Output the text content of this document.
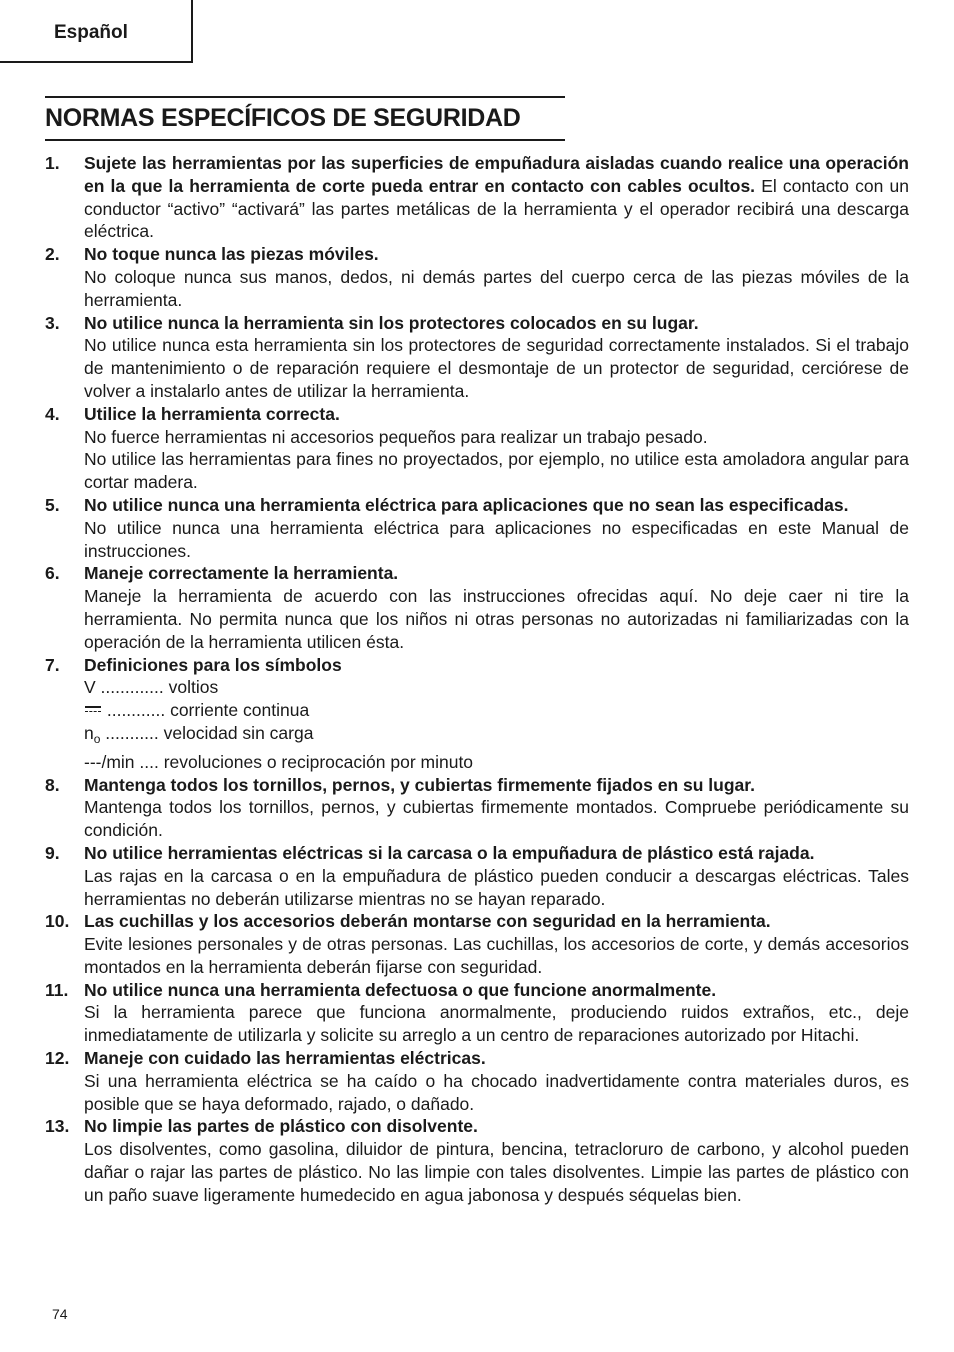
Español
NORMAS ESPECÍFICOS DE SEGURIDAD
1. Sujete las herramientas por las superficies de empuñadura aisladas cuando realice una operación en la que la herramienta de corte pueda entrar en contacto con cables ocultos. El contacto con un conductor “activo” “activará” las partes metálicas de la herramienta y el operador recibirá una descarga eléctrica.
2. No toque nunca las piezas móviles.
No coloque nunca sus manos, dedos, ni demás partes del cuerpo cerca de las piezas móviles de la herramienta.
3. No utilice nunca la herramienta sin los protectores colocados en su lugar.
No utilice nunca esta herramienta sin los protectores de seguridad correctamente instalados. Si el trabajo de mantenimiento o de reparación requiere el desmontaje de un protector de seguridad, cerciórese de volver a instalarlo antes de utilizar la herramienta.
4. Utilice la herramienta correcta.
No fuerce herramientas ni accesorios pequeños para realizar un trabajo pesado.
No utilice las herramientas para fines no proyectados, por ejemplo, no utilice esta amoladora angular para cortar madera.
5. No utilice nunca una herramienta eléctrica para aplicaciones que no sean las especificadas.
No utilice nunca una herramienta eléctrica para aplicaciones no especificadas en este Manual de instrucciones.
6. Maneje correctamente la herramienta.
Maneje la herramienta de acuerdo con las instrucciones ofrecidas aquí. No deje caer ni tire la herramienta. No permita nunca que los niños ni otras personas no autorizadas ni familiarizadas con la operación de la herramienta utilicen ésta.
7. Definiciones para los símbolos
V ............. voltios
............ corriente continua
$n_o$ ........... velocidad sin carga
---/min .... revoluciones o reciprocación por minuto
8. Mantenga todos los tornillos, pernos, y cubiertas firmemente fijados en su lugar.
Mantenga todos los tornillos, pernos, y cubiertas firmemente montados. Compruebe periódicamente su condición.
9. No utilice herramientas eléctricas si la carcasa o la empuñadura de plástico está rajada.
Las rajas en la carcasa o en la empuñadura de plástico pueden conducir a descargas eléctricas. Tales herramientas no deberán utilizarse mientras no se hayan reparado.
10. Las cuchillas y los accesorios deberán montarse con seguridad en la herramienta.
Evite lesiones personales y de otras personas. Las cuchillas, los accesorios de corte, y demás accesorios montados en la herramienta deberán fijarse con seguridad.
11. No utilice nunca una herramienta defectuosa o que funcione anormalmente.
Si la herramienta parece que funciona anormalmente, produciendo ruidos extraños, etc., deje inmediatamente de utilizarla y solicite su arreglo a un centro de reparaciones autorizado por Hitachi.
12. Maneje con cuidado las herramientas eléctricas.
Si una herramienta eléctrica se ha caído o ha chocado inadvertidamente contra materiales duros, es posible que se haya deformado, rajado, o dañado.
13. No limpie las partes de plástico con disolvente.
Los disolventes, como gasolina, diluidor de pintura, bencina, tetracloruro de carbono, y alcohol pueden dañar o rajar las partes de plástico. No las limpie con tales disolventes. Limpie las partes de plástico con un paño suave ligeramente humedecido en agua jabonosa y después séquelas bien.
74
